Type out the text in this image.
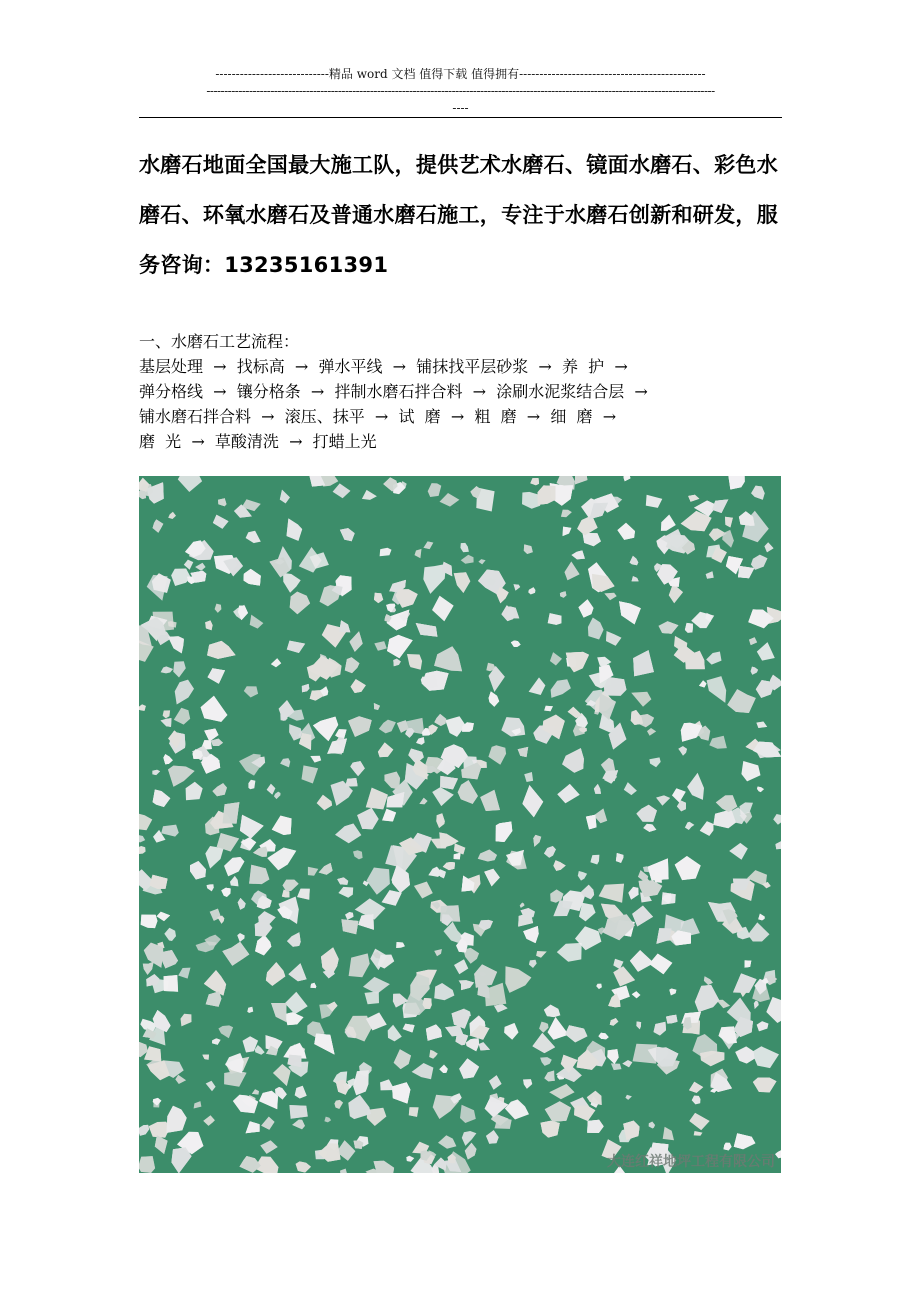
----------------------------精品 word 文档 值得下载 值得拥有----------------------------------------------
-----------------------------------------------------------------------------------------------------------------------------------------------
----
水磨石地面全国最大施工队，提供艺术水磨石、镜面水磨石、彩色水磨石、环氧水磨石及普通水磨石施工，专注于水磨石创新和研发，服务咨询：13235161391
一、水磨石工艺流程：
基层处理  →  找标高  →  弹水平线  →  铺抹找平层砂浆  →  养  护  →
弹分格线  →  镶分格条  →  拌制水磨石拌合料  →  涂刷水泥浆结合层  →
铺水磨石拌合料  →  滚压、抹平  →  试  磨  →  粗  磨  →  细  磨  →
磨  光  →  草酸清洗  →  打蜡上光
大连红祥地坪工程有限公司
